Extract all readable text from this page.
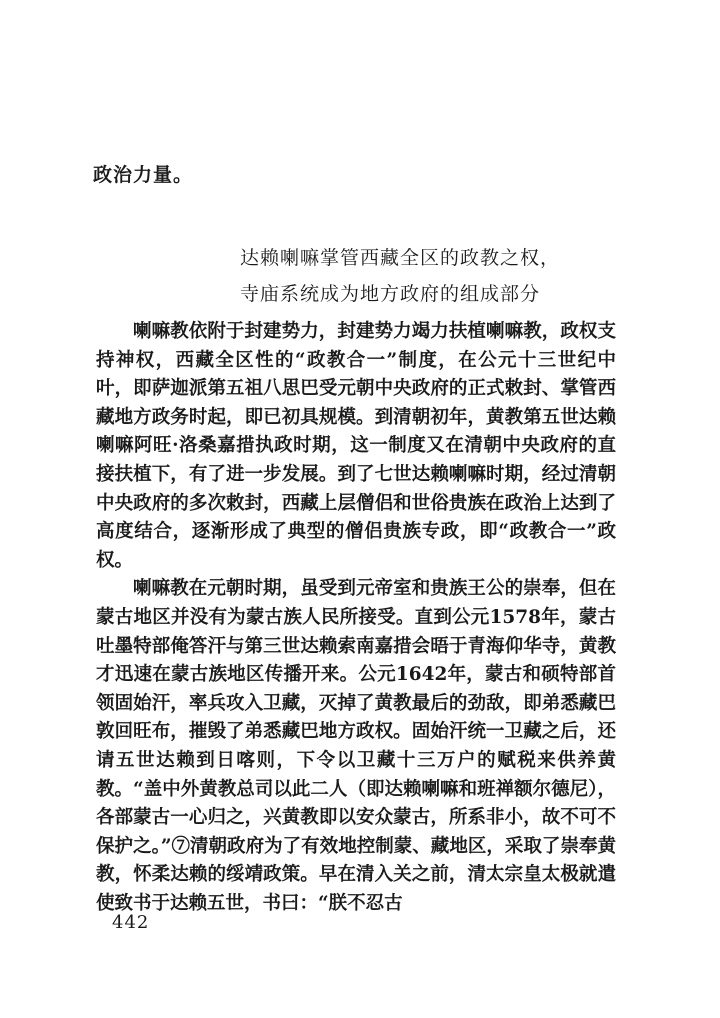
政治力量。
达赖喇嘛掌管西藏全区的政教之权，
寺庙系统成为地方政府的组成部分

喇嘛教依附于封建势力，封建势力竭力扶植喇嘛教，政权支持神权，西藏全区性的“政教合一”制度，在公元十三世纪中叶，即萨迦派第五祖八思巴受元朝中央政府的正式敕封、掌管西藏地方政务时起，即已初具规模。到清朝初年，黄教第五世达赖喇嘛阿旺·洛桑嘉措执政时期，这一制度又在清朝中央政府的直接扶植下，有了进一步发展。到了七世达赖喇嘛时期，经过清朝中央政府的多次敕封，西藏上层僧侣和世俗贵族在政治上达到了高度结合，逐渐形成了典型的僧侣贵族专政，即“政教合一”政权。

喇嘛教在元朝时期，虽受到元帝室和贵族王公的崇奉，但在蒙古地区并没有为蒙古族人民所接受。直到公元1578年，蒙古吐墨特部俺答汗与第三世达赖索南嘉措会晤于青海仰华寺，黄教才迅速在蒙古族地区传播开来。公元1642年，蒙古和硕特部首领固始汗，率兵攻入卫藏，灭掉了黄教最后的劲敌，即弟悉藏巴敦回旺布，摧毁了弟悉藏巴地方政权。固始汗统一卫藏之后，还请五世达赖到日喀则，下令以卫藏十三万户的赋税来供养黄教。“盖中外黄教总司以此二人（即达赖喇嘛和班禅额尔德尼），各部蒙古一心归之，兴黄教即以安众蒙古，所系非小，故不可不保护之。”⑦清朝政府为了有效地控制蒙、藏地区，采取了崇奉黄教，怀柔达赖的绥靖政策。早在清入关之前，清太宗皇太极就遣使致书于达赖五世，书曰：“朕不忍古

442
